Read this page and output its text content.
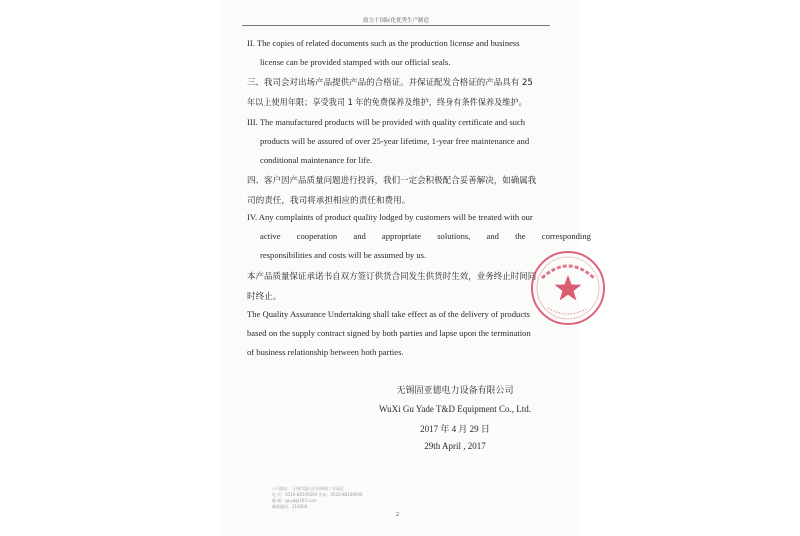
致力于国际化优秀生产制造
II. The copies of related documents such as the production license and business
license can be provided stamped with our official seals.
三、我司会对出场产品提供产品的合格证。并保证配发合格证的产品具有 25
年以上使用年限；享受我司 1 年的免费保养及维护，终身有条件保养及维护。
III. The manufactured products will be provided with quality certificate and such
products will be assured of over 25-year lifetime, 1-year free maintenance and
conditional maintenance for life.
四、客户因产品质量问题进行投诉，我们一定会积极配合妥善解决，如确属我
司的责任，我司将承担相应的责任和费用。
IV. Any complaints of product quality lodged by customers will be treated with our
active cooperation and appropriate solutions, and the corresponding
responsibilities and costs will be assumed by us.
本产品质量保证承诺书自双方签订供货合同发生供货时生效，业务终止时间同
时终止。
The Quality Assurance Undertaking shall take effect as of the delivery of products
based on the supply contract signed by both parties and lapse upon the termination
of business relationship between both parties.
无锡固亚德电力设备有限公司
WuXi Gu Yade T&D Equipment Co., Ltd.
2017 年 4 月 29 日
29th April , 2017
公司地址：无锡市惠山区前洲镇工业园区
电 话：0510-88109293 传真：0510-88109296
邮 箱：guyd@163.com
邮政编码：214000
2
